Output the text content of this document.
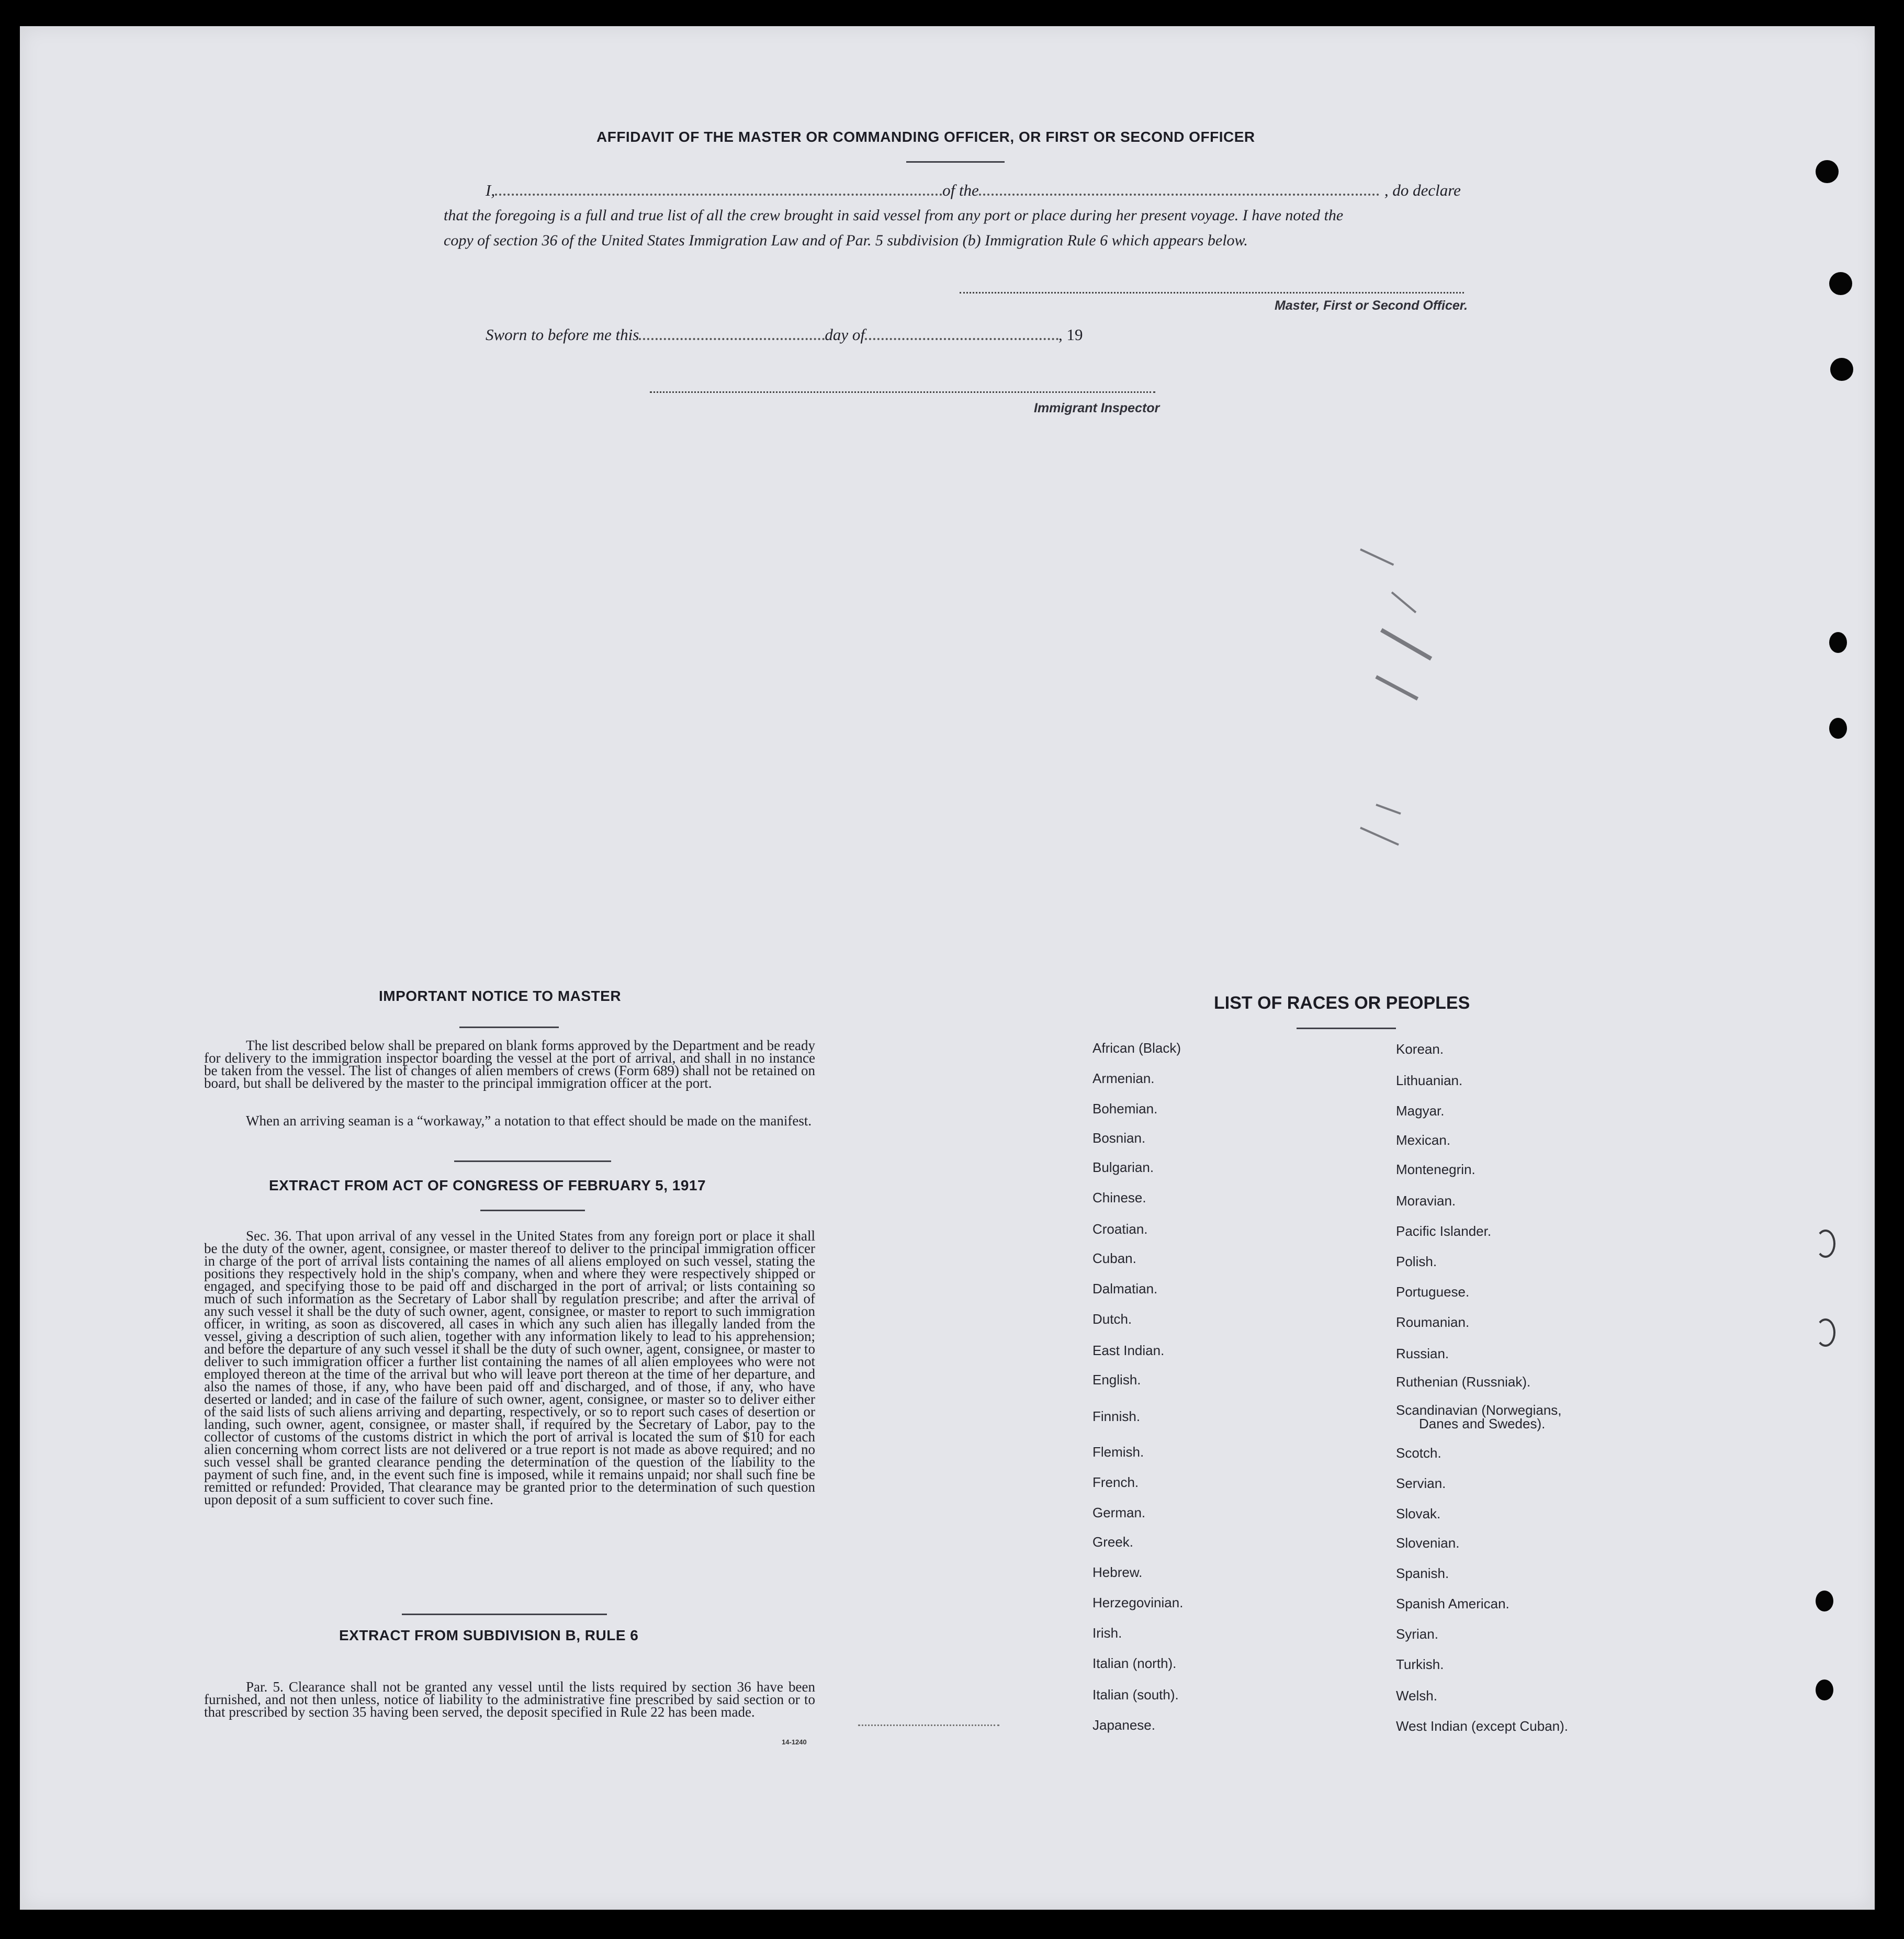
AFFIDAVIT OF THE MASTER OR COMMANDING OFFICER, OR FIRST OR SECOND OFFICER
I,	of the	, do declare
that the foregoing is a full and true list of all the crew brought in said vessel from any port or place during her present voyage. I have noted the
copy of section 36 of the United States Immigration Law and of Par. 5 subdivision (b) Immigration Rule 6 which appears below.
Master, First or Second Officer.
Sworn to before me this	day of	, 19
Immigrant Inspector
IMPORTANT NOTICE TO MASTER
The list described below shall be prepared on blank forms approved by the Department and be ready for delivery to the immigration inspector boarding the vessel at the port of arrival, and shall in no instance be taken from the vessel. The list of changes of alien members of crews (Form 689) shall not be retained on board, but shall be delivered by the master to the principal immigration officer at the port.
When an arriving seaman is a “workaway,” a notation to that effect should be made on the manifest.
EXTRACT FROM ACT OF CONGRESS OF FEBRUARY 5, 1917
Sec. 36. That upon arrival of any vessel in the United States from any foreign port or place it shall be the duty of the owner, agent, consignee, or master thereof to deliver to the principal immigration officer in charge of the port of arrival lists containing the names of all aliens employed on such vessel, stating the positions they respectively hold in the ship's company, when and where they were respectively shipped or engaged, and specifying those to be paid off and discharged in the port of arrival; or lists containing so much of such information as the Secretary of Labor shall by regulation prescribe; and after the arrival of any such vessel it shall be the duty of such owner, agent, consignee, or master to report to such immigration officer, in writing, as soon as discovered, all cases in which any such alien has illegally landed from the vessel, giving a description of such alien, together with any information likely to lead to his apprehension; and before the departure of any such vessel it shall be the duty of such owner, agent, consignee, or master to deliver to such immigration officer a further list containing the names of all alien employees who were not employed thereon at the time of the arrival but who will leave port thereon at the time of her departure, and also the names of those, if any, who have been paid off and discharged, and of those, if any, who have deserted or landed; and in case of the failure of such owner, agent, consignee, or master so to deliver either of the said lists of such aliens arriving and departing, respectively, or so to report such cases of desertion or landing, such owner, agent, consignee, or master shall, if required by the Secretary of Labor, pay to the collector of customs of the customs district in which the port of arrival is located the sum of $10 for each alien concerning whom correct lists are not delivered or a true report is not made as above required; and no such vessel shall be granted clearance pending the determination of the question of the liability to the payment of such fine, and, in the event such fine is imposed, while it remains unpaid; nor shall such fine be remitted or refunded: Provided, That clearance may be granted prior to the determination of such question upon deposit of a sum sufficient to cover such fine.
EXTRACT FROM SUBDIVISION B, RULE 6
Par. 5. Clearance shall not be granted any vessel until the lists required by section 36 have been furnished, and not then unless, notice of liability to the administrative fine prescribed by said section or to that prescribed by section 35 having been served, the deposit specified in Rule 22 has been made.
14-1240
LIST OF RACES OR PEOPLES
African (Black)
Armenian.
Bohemian.
Bosnian.
Bulgarian.
Chinese.
Croatian.
Cuban.
Dalmatian.
Dutch.
East Indian.
English.
Finnish.
Flemish.
French.
German.
Greek.
Hebrew.
Herzegovinian.
Irish.
Italian (north).
Italian (south).
Japanese.
Korean.
Lithuanian.
Magyar.
Mexican.
Montenegrin.
Moravian.
Pacific Islander.
Polish.
Portuguese.
Roumanian.
Russian.
Ruthenian (Russniak).
Scandinavian (Norwegians,
Scotch.
Servian.
Slovak.
Slovenian.
Spanish.
Spanish American.
Syrian.
Turkish.
Welsh.
West Indian (except Cuban).
Danes and Swedes).
